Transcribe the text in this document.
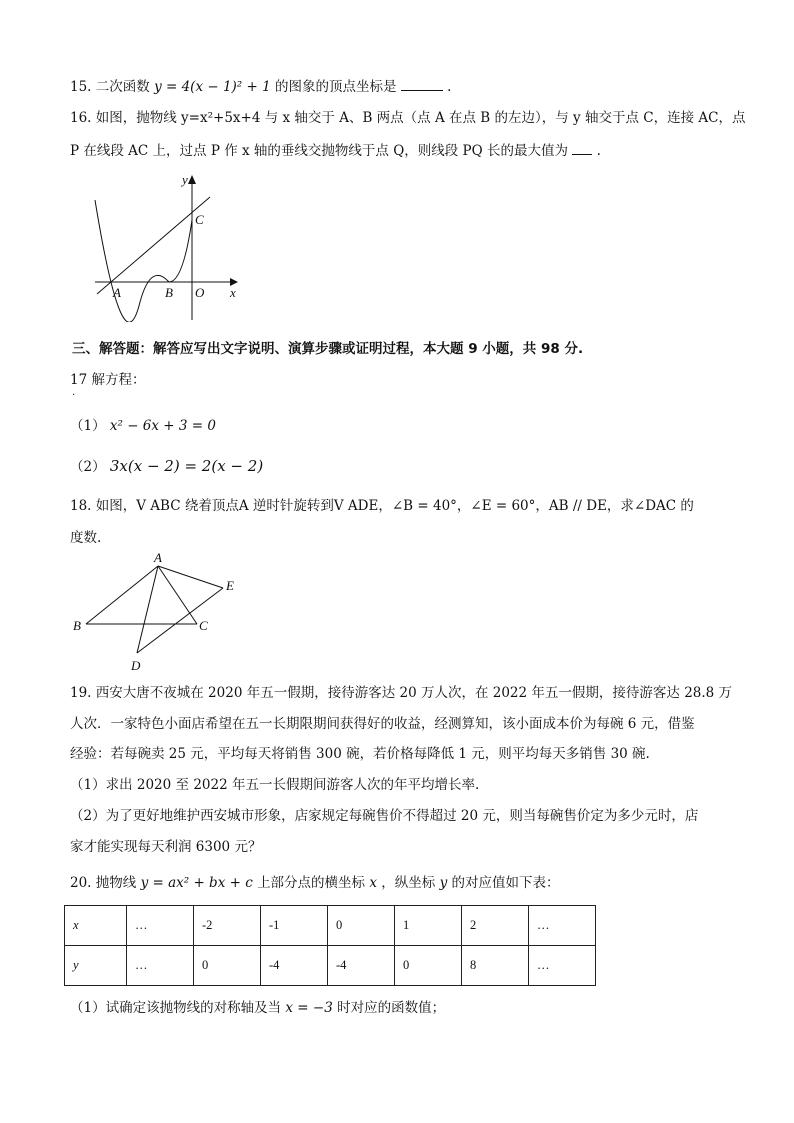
15. 二次函数 y = 4(x − 1)² + 1 的图象的顶点坐标是	.
16. 如图，抛物线 y=x²+5x+4 与 x 轴交于 A、B 两点（点 A 在点 B 的左边），与 y 轴交于点 C，连接 AC，点
P 在线段 AC 上，过点 P 作 x 轴的垂线交抛物线于点 Q，则线段 PQ 长的最大值为 .
y
x
A	B O
C
三、解答题：解答应写出文字说明、演算步骤或证明过程，本大题 9 小题，共 98 分.
17 解方程：
.
（1） x² − 6x + 3 = 0
（2） 3x(x − 2) = 2(x − 2)
18. 如图，V ABC 绕着顶点A 逆时针旋转到V ADE，∠B = 40°，∠E = 60°，AB // DE，求∠DAC 的
度数.
A
B	C
D
E
19. 西安大唐不夜城在 2020 年五一假期，接待游客达 20 万人次，在 2022 年五一假期，接待游客达 28.8 万
人次．一家特色小面店希望在五一长期限期间获得好的收益，经测算知，该小面成本价为每碗 6 元，借鉴
经验：若每碗卖 25 元，平均每天将销售 300 碗，若价格每降低 1 元，则平均每天多销售 30 碗.
（1）求出 2020 至 2022 年五一长假期间游客人次的年平均增长率.
（2）为了更好地维护西安城市形象，店家规定每碗售价不得超过 20 元，则当每碗售价定为多少元时，店
家才能实现每天利润 6300 元？
20. 抛物线 y = ax² + bx + c 上部分点的横坐标 x ，纵坐标 y 的对应值如下表：
x	…	-2	-1	0	1	2	…
y	…	0	-4	-4	0	8	…
（1）试确定该抛物线的对称轴及当 x = −3 时对应的函数值；
